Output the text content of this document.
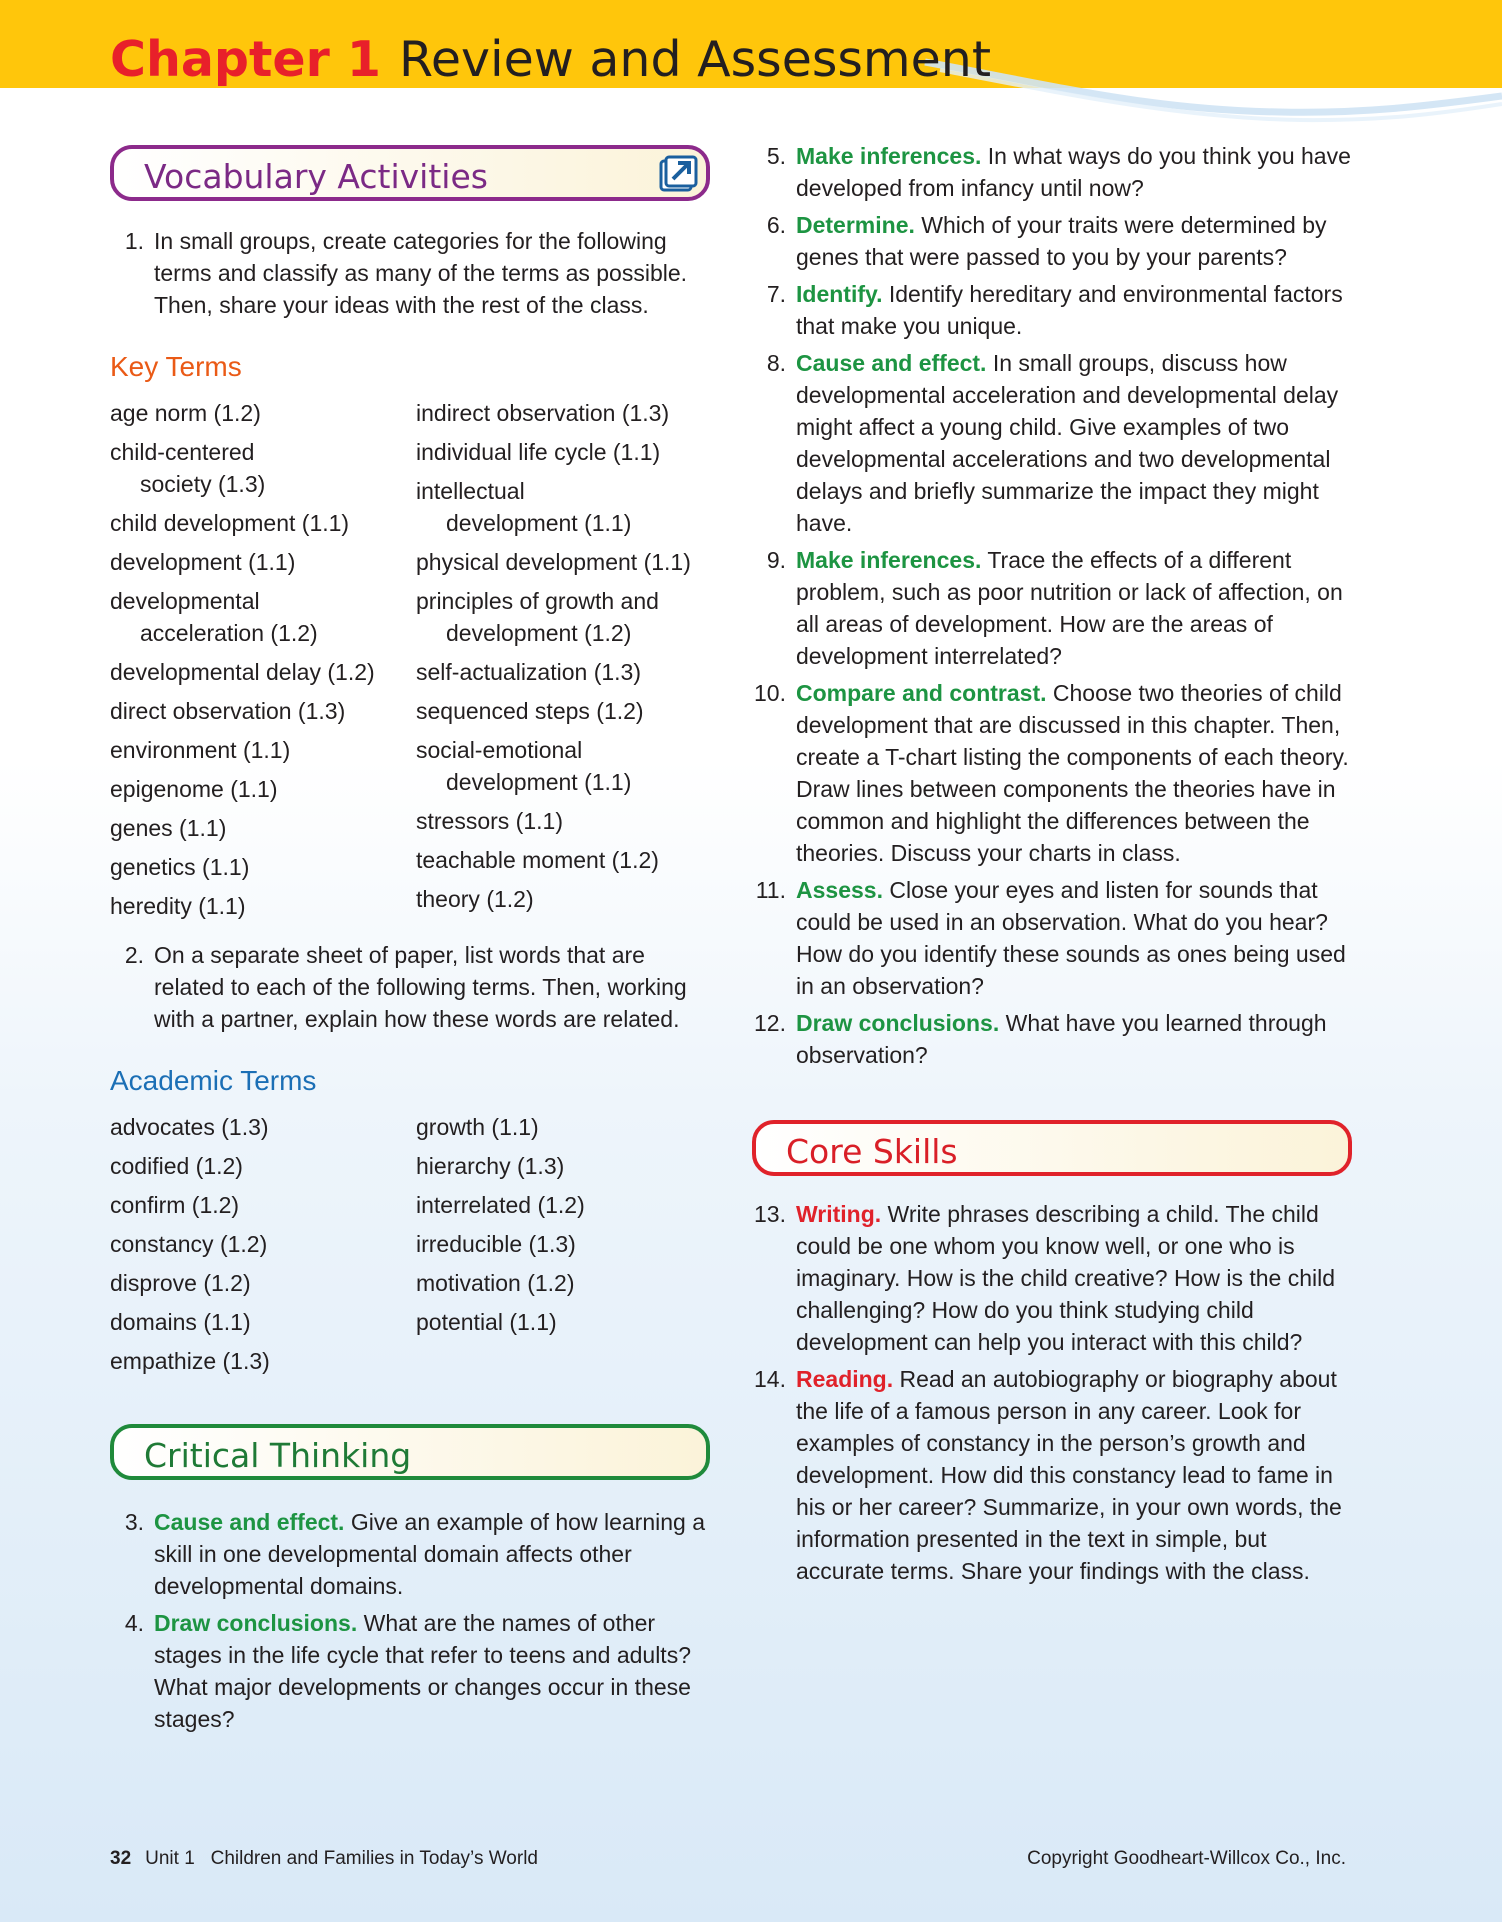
Chapter 1 Review and Assessment
Vocabulary Activities
1. In small groups, create categories for the following terms and classify as many of the terms as possible. Then, share your ideas with the rest of the class.
Key Terms
age norm (1.2)
child-centered
society (1.3)
child development (1.1)
development (1.1)
developmental
acceleration (1.2)
developmental delay (1.2)
direct observation (1.3)
environment (1.1)
epigenome (1.1)
genes (1.1)
genetics (1.1)
heredity (1.1)
indirect observation (1.3)
individual life cycle (1.1)
intellectual
development (1.1)
physical development (1.1)
principles of growth and
development (1.2)
self-actualization (1.3)
sequenced steps (1.2)
social-emotional
development (1.1)
stressors (1.1)
teachable moment (1.2)
theory (1.2)
2. On a separate sheet of paper, list words that are related to each of the following terms. Then, working with a partner, explain how these words are related.
Academic Terms
advocates (1.3)
codified (1.2)
confirm (1.2)
constancy (1.2)
disprove (1.2)
domains (1.1)
empathize (1.3)
growth (1.1)
hierarchy (1.3)
interrelated (1.2)
irreducible (1.3)
motivation (1.2)
potential (1.1)
Critical Thinking
3. Cause and effect. Give an example of how learning a skill in one developmental domain affects other developmental domains.
4. Draw conclusions. What are the names of other stages in the life cycle that refer to teens and adults? What major developments or changes occur in these stages?
5. Make inferences. In what ways do you think you have developed from infancy until now?
6. Determine. Which of your traits were determined by genes that were passed to you by your parents?
7. Identify. Identify hereditary and environmental factors that make you unique.
8. Cause and effect. In small groups, discuss how developmental acceleration and developmental delay might affect a young child. Give examples of two developmental accelerations and two developmental delays and briefly summarize the impact they might have.
9. Make inferences. Trace the effects of a different problem, such as poor nutrition or lack of affection, on all areas of development. How are the areas of development interrelated?
10. Compare and contrast. Choose two theories of child development that are discussed in this chapter. Then, create a T-chart listing the components of each theory. Draw lines between components the theories have in common and highlight the differences between the theories. Discuss your charts in class.
11. Assess. Close your eyes and listen for sounds that could be used in an observation. What do you hear? How do you identify these sounds as ones being used in an observation?
12. Draw conclusions. What have you learned through observation?
Core Skills
13. Writing. Write phrases describing a child. The child could be one whom you know well, or one who is imaginary. How is the child creative? How is the child challenging? How do you think studying child development can help you interact with this child?
14. Reading. Read an autobiography or biography about the life of a famous person in any career. Look for examples of constancy in the person’s growth and development. How did this constancy lead to fame in his or her career? Summarize, in your own words, the information presented in the text in simple, but accurate terms. Share your findings with the class.
32 Unit 1   Children and Families in Today’s World	Copyright Goodheart-Willcox Co., Inc.
